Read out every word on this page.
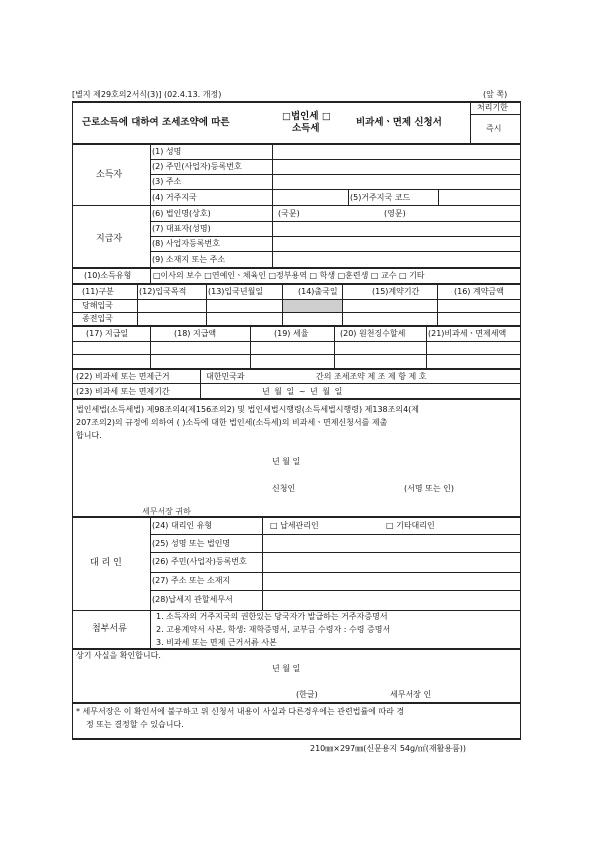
[별지 제29호의2서식(3)] (02.4.13. 개정)	(앞 쪽)
근로소득에 대하여 조세조약에 따른
□법인세 □
소득세
비과세ㆍ면제 신청서
처리기한
즉시
소득자
(1) 성명
(2) 주민(사업자)등록번호
(3) 주소
(4) 거주지국	(5)거주지국 코드
지급자
(6) 법인명(상호)	(국문)	(영문)
(7) 대표자(성명)
(8) 사업자등록번호
(9) 소재지 또는 주소
(10)소득유형	□이사의 보수 □연예인ㆍ체육인 □정부용역 □ 학생 □훈련생 □ 교수 □ 기타
(11)구분	(12)입국목적	(13)입국년월일	(14)출국일	(15)계약기간	(16) 계약금액
당해입국
종전입국
(17) 지급일	(18) 지급액	(19) 세율	(20) 원천징수할세	(21)비과세ㆍ면제세액
(22) 비과세 또는 면제근거	대한민국과	간의 조세조약 제 조 제 항 제 호
(23) 비과세 또는 면제기간	년 월 일 ~ 년 월 일
법인세법(소득세법) 제98조의4(제156조의2) 및 법인세법시행령(소득세법시행령) 제138조의4(제
207조의2)의 규정에 의하여 ( )소득에 대한 법인세(소득세)의 비과세ㆍ면제신청서를 제출
합니다.
년 월 일
신청인	(서명 또는 인)
세무서장 귀하
대 리 인
(24) 대리인 유형	□ 납세관리인	□ 기타대리인
(25) 성명 또는 법인명
(26) 주민(사업자)등록번호
(27) 주소 또는 소재지
(28)납세지 관할세무서
첨부서류
1. 소득자의 거주지국의 권한있는 당국자가 발급하는 거주자증명서
2. 고용계약서 사본, 학생: 재학증명서, 교부금 수령자 : 수령 증명서
3. 비과세 또는 면제 근거서류 사본
상기 사실을 확인합니다.
년 월 일
(한글)	세무서장 인
* 세무서장은 이 확인서에 불구하고 위 신청서 내용이 사실과 다른경우에는 관련법률에 따라 경
정 또는 결정할 수 있습니다.
210㎜×297㎜(신문용지 54g/㎡(재활용품))
